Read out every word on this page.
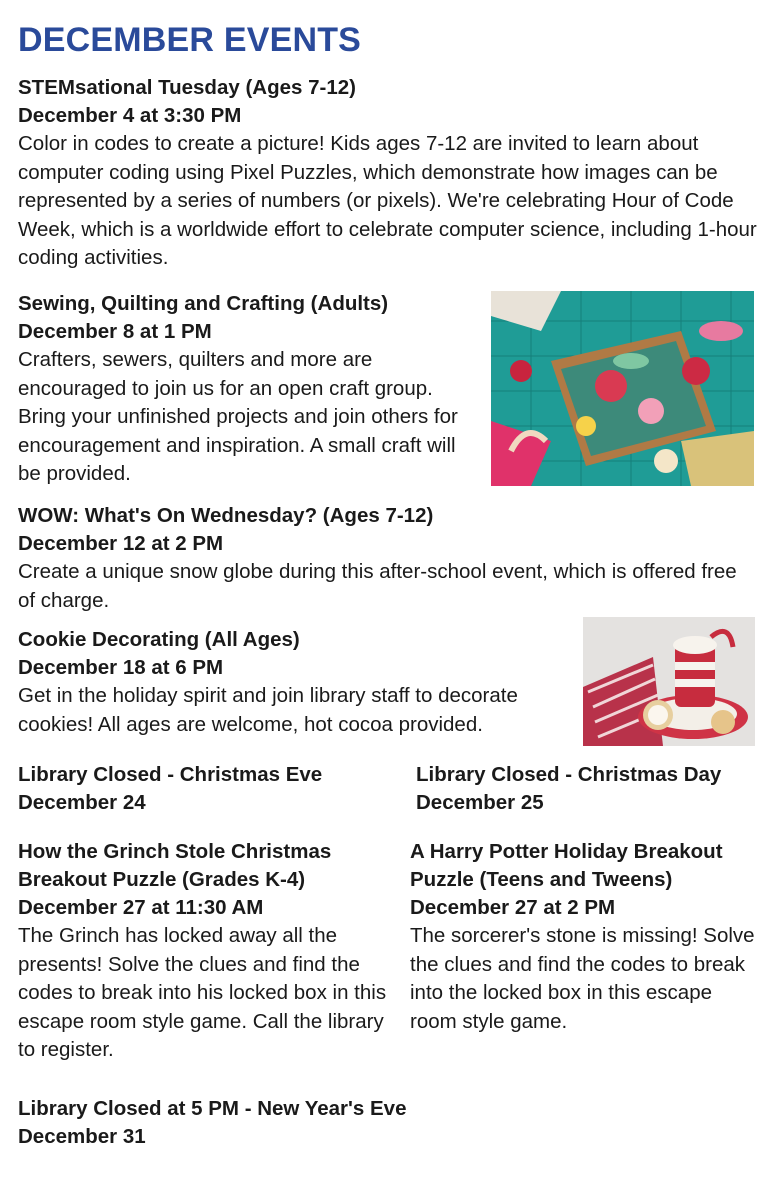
DECEMBER EVENTS
STEMsational Tuesday (Ages 7-12)
December 4 at 3:30 PM
Color in codes to create a picture! Kids ages 7-12 are invited to learn about computer coding using Pixel Puzzles, which demonstrate how images can be represented by a series of numbers (or pixels). We're celebrating Hour of Code Week, which is a worldwide effort to celebrate computer science, including 1-hour coding activities.
Sewing, Quilting and Crafting (Adults)
December 8 at 1 PM
Crafters, sewers, quilters and more are encouraged to join us for an open craft group. Bring your unfinished projects and join others for encouragement and inspiration. A small craft will be provided.
WOW: What's On Wednesday? (Ages 7-12)
December 12 at 2 PM
Create a unique snow globe during this after-school event, which is offered free of charge.
Cookie Decorating (All Ages)
December 18 at 6 PM
Get in the holiday spirit and join library staff to decorate cookies! All ages are welcome, hot cocoa provided.
Library Closed - Christmas Eve
December 24
Library Closed - Christmas Day
December 25
How the Grinch Stole Christmas Breakout Puzzle (Grades K-4)
December 27 at 11:30 AM
The Grinch has locked away all the presents! Solve the clues and find the codes to break into his locked box in this escape room style game. Call the library to register.
A Harry Potter Holiday Breakout Puzzle (Teens and Tweens)
December 27 at 2 PM
The sorcerer's stone is missing! Solve the clues and find the codes to break into the locked box in this escape room style game.
Library Closed at 5 PM - New Year's Eve
December 31
